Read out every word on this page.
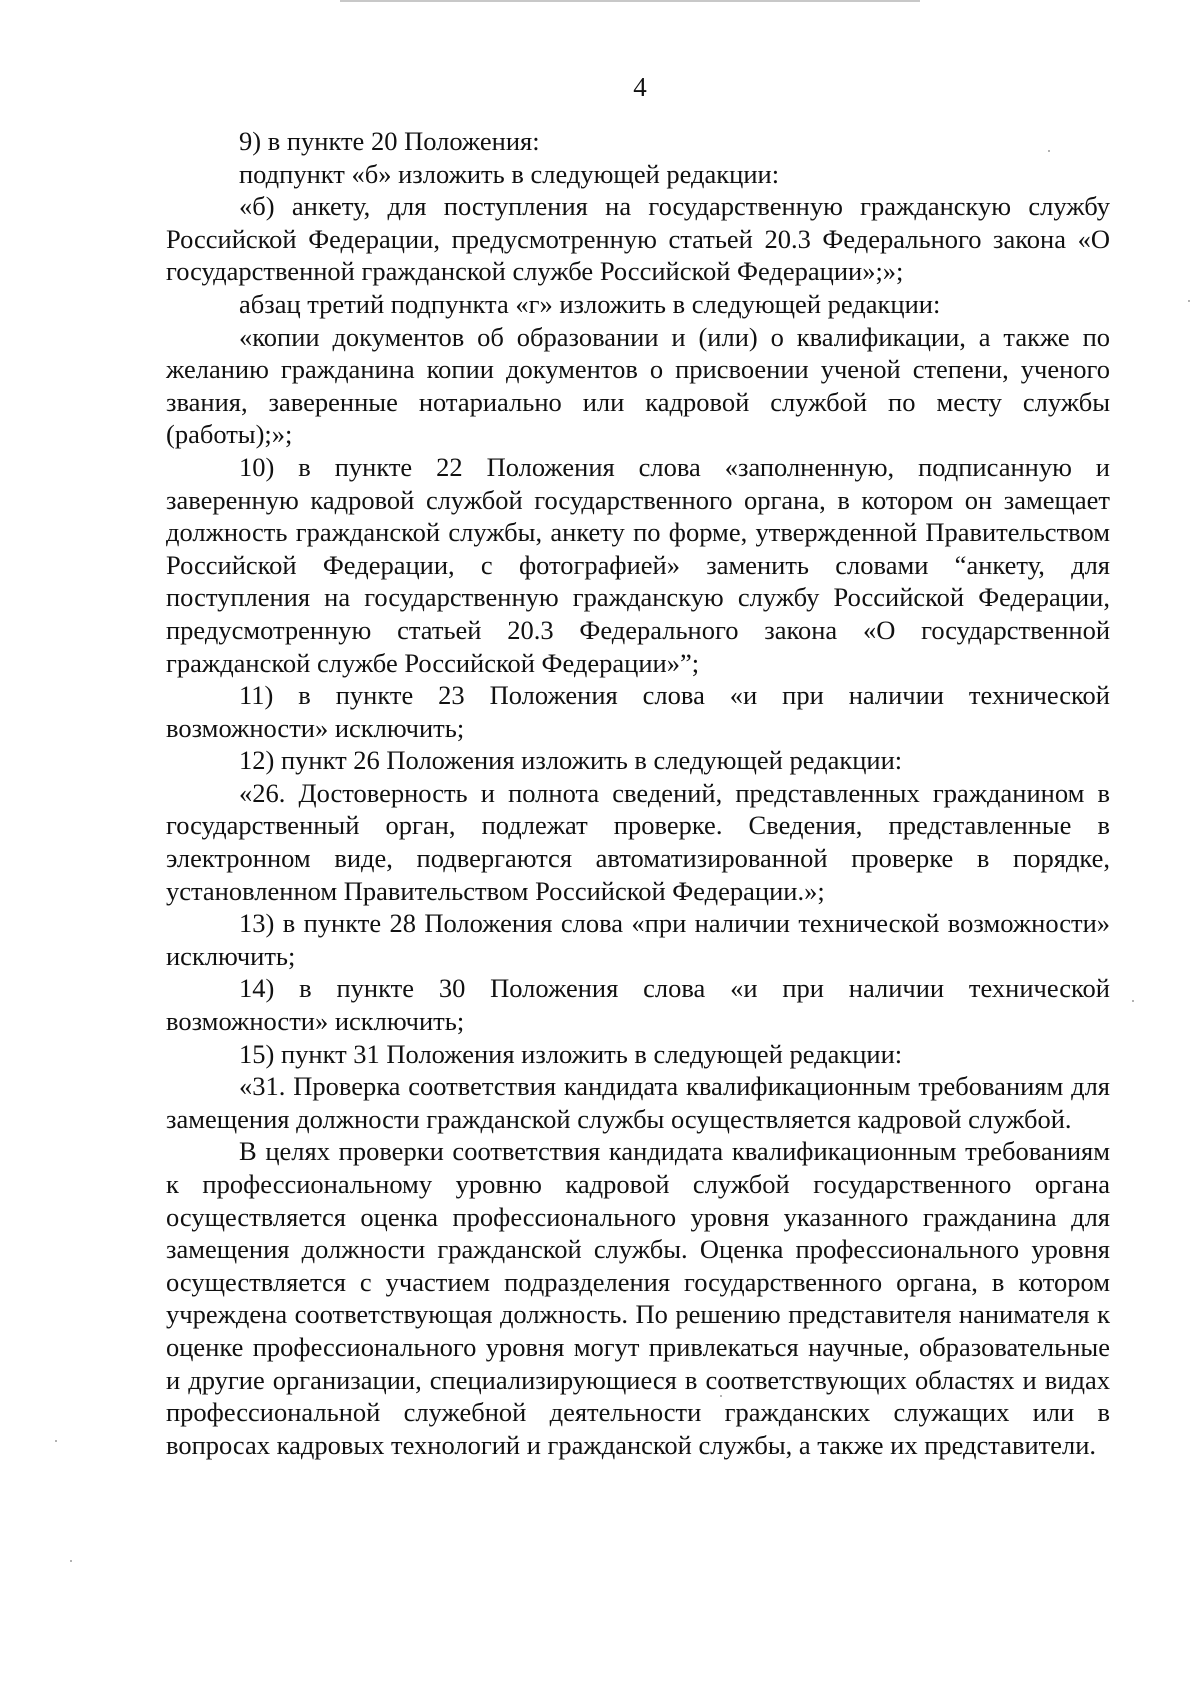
4

9) в пункте 20 Положения:

подпункт «б» изложить в следующей редакции:

«б) анкету, для поступления на государственную гражданскую службу Российской Федерации, предусмотренную статьей 20.3 Федерального закона «О государственной гражданской службе Российской Федерации»;»;

абзац третий подпункта «г» изложить в следующей редакции:

«копии документов об образовании и (или) о квалификации, а также по желанию гражданина копии документов о присвоении ученой степени, ученого звания, заверенные нотариально или кадровой службой по месту службы (работы);»;

10) в пункте 22 Положения слова «заполненную, подписанную и заверенную кадровой службой государственного органа, в котором он замещает должность гражданской службы, анкету по форме, утвержденной Правительством Российской Федерации, с фотографией» заменить словами “анкету, для поступления на государственную гражданскую службу Российской Федерации, предусмотренную статьей 20.3 Федерального закона «О государственной гражданской службе Российской Федерации»”;

11) в пункте 23 Положения слова «и при наличии технической возможности» исключить;

12) пункт 26 Положения изложить в следующей редакции:

«26. Достоверность и полнота сведений, представленных гражданином в государственный орган, подлежат проверке. Сведения, представленные в электронном виде, подвергаются автоматизированной проверке в порядке, установленном Правительством Российской Федерации.»;

13) в пункте 28 Положения слова «при наличии технической возможности» исключить;

14) в пункте 30 Положения слова «и при наличии технической возможности» исключить;

15) пункт 31 Положения изложить в следующей редакции:

«31. Проверка соответствия кандидата квалификационным требованиям для замещения должности гражданской службы осуществляется кадровой службой.

В целях проверки соответствия кандидата квалификационным требованиям к профессиональному уровню кадровой службой государственного органа осуществляется оценка профессионального уровня указанного гражданина для замещения должности гражданской службы. Оценка профессионального уровня осуществляется с участием подразделения государственного органа, в котором учреждена соответствующая должность. По решению представителя нанимателя к оценке профессионального уровня могут привлекаться научные, образовательные и другие организации, специализирующиеся в соответствующих областях и видах профессиональной служебной деятельности гражданских служащих или в вопросах кадровых технологий и гражданской службы, а также их представители.
